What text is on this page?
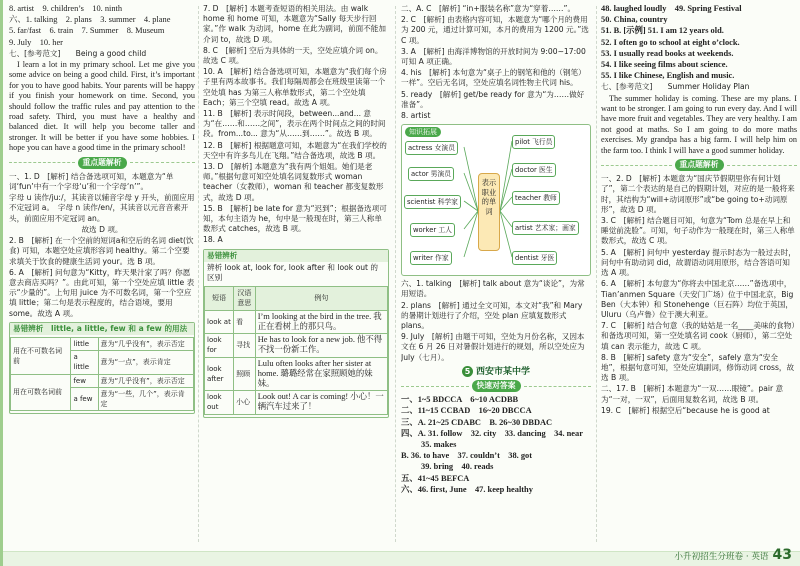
8. artist　9. children’s　10. ninth

六、1. talking　2. plans　3. summer　4. plane

5. far/fast　6. train　7. Summer　8. Museum

9. July　10. her

七、[参考范文]　　Being a good child

I learn a lot in my primary school. Let me give you some advice on being a good child. First, it’s important for you to have good habits. Your parents will be happy if you finish your homework on time. Second, you should follow the traffic rules and pay attention to the road safety. Third, you must have a healthy and balanced diet. It will help you become taller and stronger. It will be better if you have some hobbies. I hope you can have a good time in the primary school!

重点题解析

一、1. D　[解析] 结合备选项可知，本题意为“单词‘fun’中有一个字母‘u’和一个字母‘n’”。

字母 u 读作/juː/，其读音以辅音字母 y 开头，前面应用不定冠词 a。　字母 n 读作/en/，其读音以元音音素开头，前面应用不定冠词 an。

故选 D 项。

2. B　[解析] 在一个空前的短词a和空后的名词 diet(饮食) 可知，本题空处应填形容词 healthy。第二个空要求填关于饮食的健康生活词 your。选 B 项。

6. A　[解析] 问句意为“Kitty，昨天果汁家了吗？你愿意去商店买吗？”。由此可知，第一个空处应填 little 表示“少量的”。上句用 juice 为不可数名词，第一个空应填 little；第二句是表示程度的，结合语境，要用 some。故选 A 项。

易错辨析　little, a little, few 和 a few 的用法
用在不可数名词前	little	意为“几乎没有”，表示否定
	a little	意为“一点”，表示肯定
用在可数名词前	few	意为“几乎没有”，表示否定
	a few	意为“一些，几个”，表示肯定

7. D　[解析] 本题考查短语的相关用法。由 walk home 和 home 可知，本题意为“Sally 每天步行回家。”作 walk 为动词，home 在此为副词，前面不能加介词 to，故选 D 项。

8. C　[解析] 空后为具体的一天，空处应填介词 on。故选 C 项。

10. A　[解析] 结合备选项可知，本题意为“我们每个房子里有两本故事书。我们每隔周都会在班级里读第一个空处填 has 为第三人称单数形式，第二个空处填 Each；第三个空填 read。故选 A 项。

11. B　[解析] 表示时间段，between...and... 意为“在……和……之间”，表示在两个时间点之间的时间段。from...to... 意为“从……到……”。故选 B 项。

12. B　[解析] 根据题意可知，本题意为“在我们学校的天空中有许多鸟儿在飞翔。”结合备选项，故选 B 项。

13. D　[解析] 本题意为“我有两个姐姐。她们是老师。”根据句意可知空处填名词复数形式 woman teacher（女教师），woman 和 teacher 都变复数形式，故选 D 项。

15. B　[解析] be late for 意为“迟到”；根据备选项可知，本句主语为 he，句中是一般现在时，第三人称单数形式 catches，故选 B 项。

18. A

易错辨析

辨析 look at, look for, look after 和 look out 的区别

短语	汉语意思	例句
look at	看	I’m looking at the bird in the tree. 我正在看树上的那只鸟。
look for	寻找	He has to look for a new job. 他不得不找一份新工作。
look after	照顾	Lulu often looks after her sister at home. 璐璐经常在家照顾她的妹妹。
look out	小心	Look out! A car is coming! 小心！一辆汽车过来了！

二、A. C　[解析] “in+服装名称”意为“穿着……”。

2. C　[解析] 由表格内容可知，本题意为“哪个月的费用为 200 元，通过计算可知，本月的费用为 1200 元。”选 C 项。

3. A　[解析] 由海洋博物馆的开放时间为 9:00~17:00 可知 A 项正确。

4. his　[解析] 本句意为“桌子上的钢笔和他的（钢笔）一样”。空后无名词，空处应填名词性物主代词 his。

5. ready　[解析] get/be ready for 意为“为……做好准备”。

8. artist

知识拓展
actress 女演员
actor 男演员
scientist 科学家
worker 工人
writer 作家
表示职业的单词
pilot 飞行员
doctor 医生
teacher 教师
artist 艺术家；画家
dentist 牙医

六、1. talking　[解析] talk about 意为“谈论”，为常用短语。

2. plans　[解析] 通过全文可知，本文对“我”和 Mary 的暑期计划进行了介绍，空处 plan 应填复数形式 plans。

9. July　[解析] 由题干可知，空处为月份名称，又因本文在 6 月 26 日对暑假计划进行的规划，所以空处应为 July（七月）。

5 西安市某中学
快速对答案

一、1~5 BDCCA　6~10 ACDBB

二、11~15 CCBAD　16~20 DBCCA

三、A. 21~25 CDABC　B. 26~30 DBDAC

四、A. 31. follow　32. city　33. dancing　34. near

35. makes

B. 36. to have　37. couldn’t　38. got

39. bring　40. reads

五、41~45 BEFCA

六、46. first, June　47. keep healthy

48. laughed loudly　49. Spring Festival

50. China, country

51. B. [示例] 51. I am 12 years old.

52. I often go to school at eight o’clock.

53. I usually read books at weekends.

54. I like seeing films about science.

55. I like Chinese, English and music.

七、[参考范文]　　Summer Holiday Plan

The summer holiday is coming. These are my plans. I want to be stronger. I am going to run every day. And I will have more fruit and vegetables. They are very healthy. I am not good at maths. So I am going to do more maths exercises. My grandpa has a big farm. I will help him on the farm too. I think I will have a good summer holiday.

重点题解析

一、2. D　[解析] 本题意为“国庆节假期里你有何计划了”，第二个表达的是自己的假期计划，对应的是一般将来时，其结构为“will+动词原形”或“be going to+动词原形”，故选 D 项。

3. C　[解析] 结合题目可知，句意为“Tom 总是在早上和睡觉前洗脸”。可知，句子动作为一般现在时，第三人称单数形式，故选 C 项。

5. A　[解析] 问句中 yesterday 提示时态为一般过去时，问句中有助动词 did，故谓语动词用原形，结合答语可知选 A 项。

6. A　[解析] 本句意为“你将去中国北京……”备选项中，Tian’anmen Square（天安门广场）位于中国北京，Big Ben（大本钟）和 Stonehenge（巨石阵）均位于英国，Uluru（乌卢鲁）位于澳大利亚。

7. C　[解析] 结合句意（我的姑姑是一名____美味的食物）和备选项可知，第一空处填名词 cook（厨师），第二空处填 can 表示能力，故选 C 项。

8. B　[解析] safety 意为“安全”，safely 意为“安全地”，根据句意可知，空处应填副词，修饰动词 cross，故选 B 项。

二、17. B　[解析] 本题意为“一双……眼镜”。pair 意为“一对，一双”，后面用复数名词，故选 B 项。

19. C　[解析] 根据空后“because he is good at

小升初招生分班卷 · 英语 43
